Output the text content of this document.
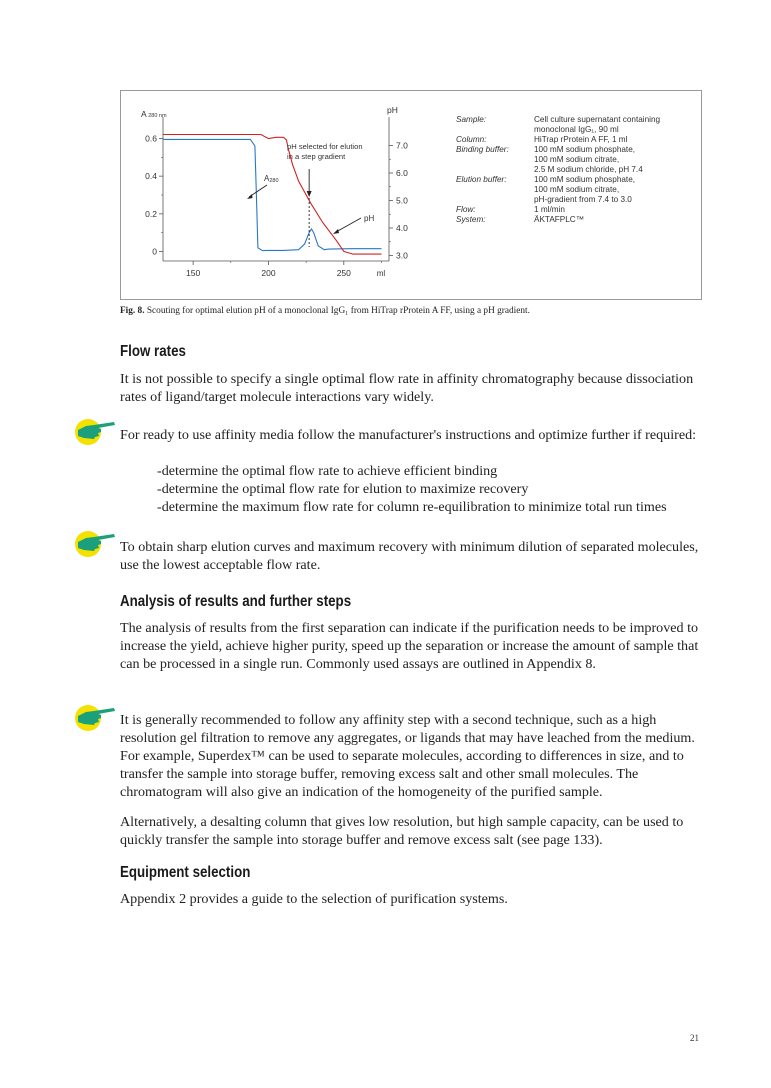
0
0.2
0.4
0.6
3.0
4.0
5.0
6.0
7.0
150	200	250	ml
A 280 nm
pH
pH selected for elution
in a step gradient
A280
pH
Sample:	Cell culture supernatant containing
monoclonal IgG₁, 90 ml
Column:	HiTrap rProtein A FF, 1 ml
Binding buffer:	100 mM sodium phosphate,
100 mM sodium citrate,
2.5 M sodium chloride, pH 7.4
Elution buffer:	100 mM sodium phosphate,
100 mM sodium citrate,
pH-gradient from 7.4 to 3.0
Flow:	1 ml/min
System:	ÄKTAFPLC™
Fig. 8. Scouting for optimal elution pH of a monoclonal IgG₁ from HiTrap rProtein A FF, using a pH gradient.
Flow rates

It is not possible to specify a single optimal flow rate in affinity chromatography because dissociation rates of ligand/target molecule interactions vary widely.

For ready to use affinity media follow the manufacturer's instructions and optimize further if required:

-determine the optimal flow rate to achieve efficient binding
-determine the optimal flow rate for elution to maximize recovery
-determine the maximum flow rate for column re-equilibration to minimize total run times

To obtain sharp elution curves and maximum recovery with minimum dilution of separated molecules, use the lowest acceptable flow rate.

Analysis of results and further steps

The analysis of results from the first separation can indicate if the purification needs to be improved to increase the yield, achieve higher purity, speed up the separation or increase the amount of sample that can be processed in a single run. Commonly used assays are outlined in Appendix 8.

It is generally recommended to follow any affinity step with a second technique, such as a high resolution gel filtration to remove any aggregates, or ligands that may have leached from the medium. For example, Superdex™ can be used to separate molecules, according to differences in size, and to transfer the sample into storage buffer, removing excess salt and other small molecules. The chromatogram will also give an indication of the homogeneity of the purified sample.

Alternatively, a desalting column that gives low resolution, but high sample capacity, can be used to quickly transfer the sample into storage buffer and remove excess salt (see page 133).

Equipment selection

Appendix 2 provides a guide to the selection of purification systems.

21
